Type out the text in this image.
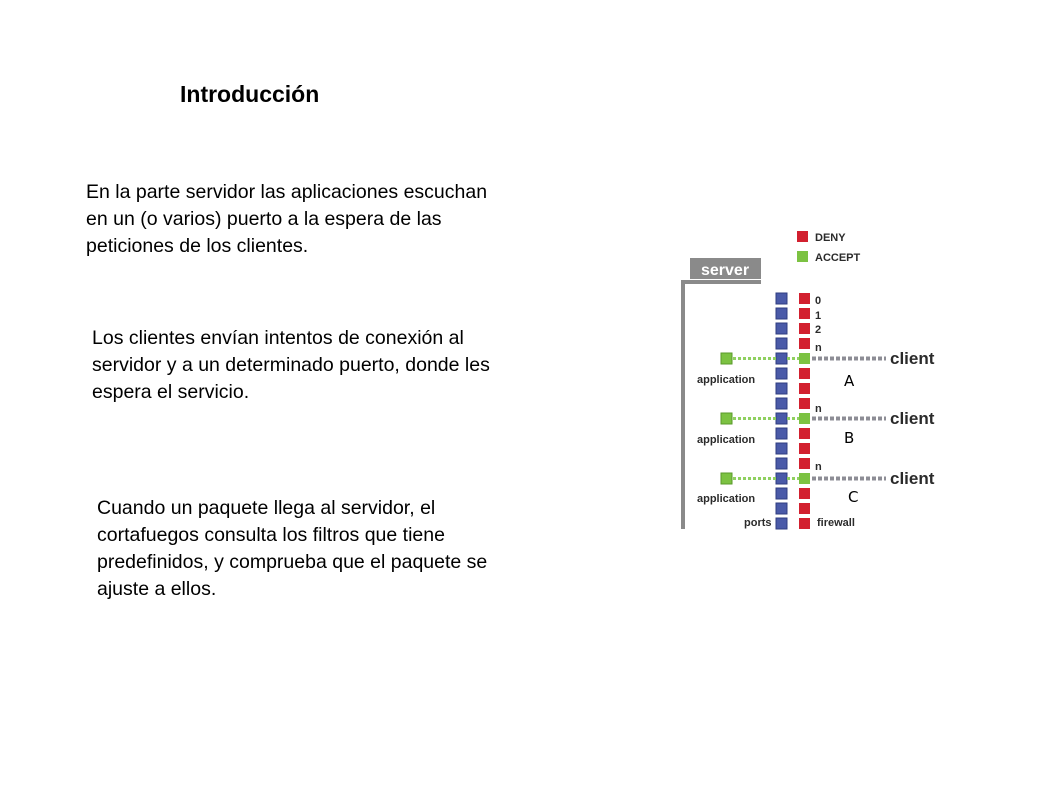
Introducción
En la parte servidor las aplicaciones escuchan
en un (o varios) puerto a la espera de las
peticiones de los clientes.
Los clientes envían intentos de conexión al
servidor y a un determinado puerto, donde les
espera el servicio.
Cuando un paquete llega al servidor, el
cortafuegos consulta los filtros que tiene
predefinidos, y comprueba que el paquete se
ajuste a ellos.
DENY
ACCEPT
server
0
1
2
n
n
n
application
application
application
client
client
client
A
B
C
ports	firewall
